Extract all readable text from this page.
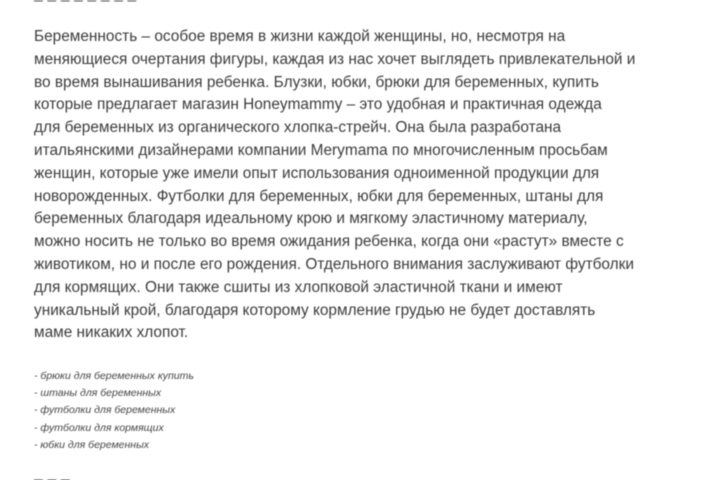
– – – – – – – –
Беременность – особое время в жизни каждой женщины, но, несмотря на
меняющиеся очертания фигуры, каждая из нас хочет выглядеть привлекательной и
во время вынашивания ребенка. Блузки, юбки, брюки для беременных, купить
которые предлагает магазин Honeymammy – это удобная и практичная одежда
для беременных из органического хлопка-стрейч. Она была разработана
итальянскими дизайнерами компании Merymama по многочисленным просьбам
женщин, которые уже имели опыт использования одноименной продукции для
новорожденных. Футболки для беременных, юбки для беременных, штаны для
беременных благодаря идеальному крою и мягкому эластичному материалу,
можно носить не только во время ожидания ребенка, когда они «растут» вместе с
животиком, но и после его рождения. Отдельного внимания заслуживают футболки
для кормящих. Они также сшиты из хлопковой эластичной ткани и имеют
уникальный крой, благодаря которому кормление грудью не будет доставлять
маме никаких хлопот.
- брюки для беременных купить
- штаны для беременных
- футболки для беременных
- футболки для кормящих
- юбки для беременных
– – –
